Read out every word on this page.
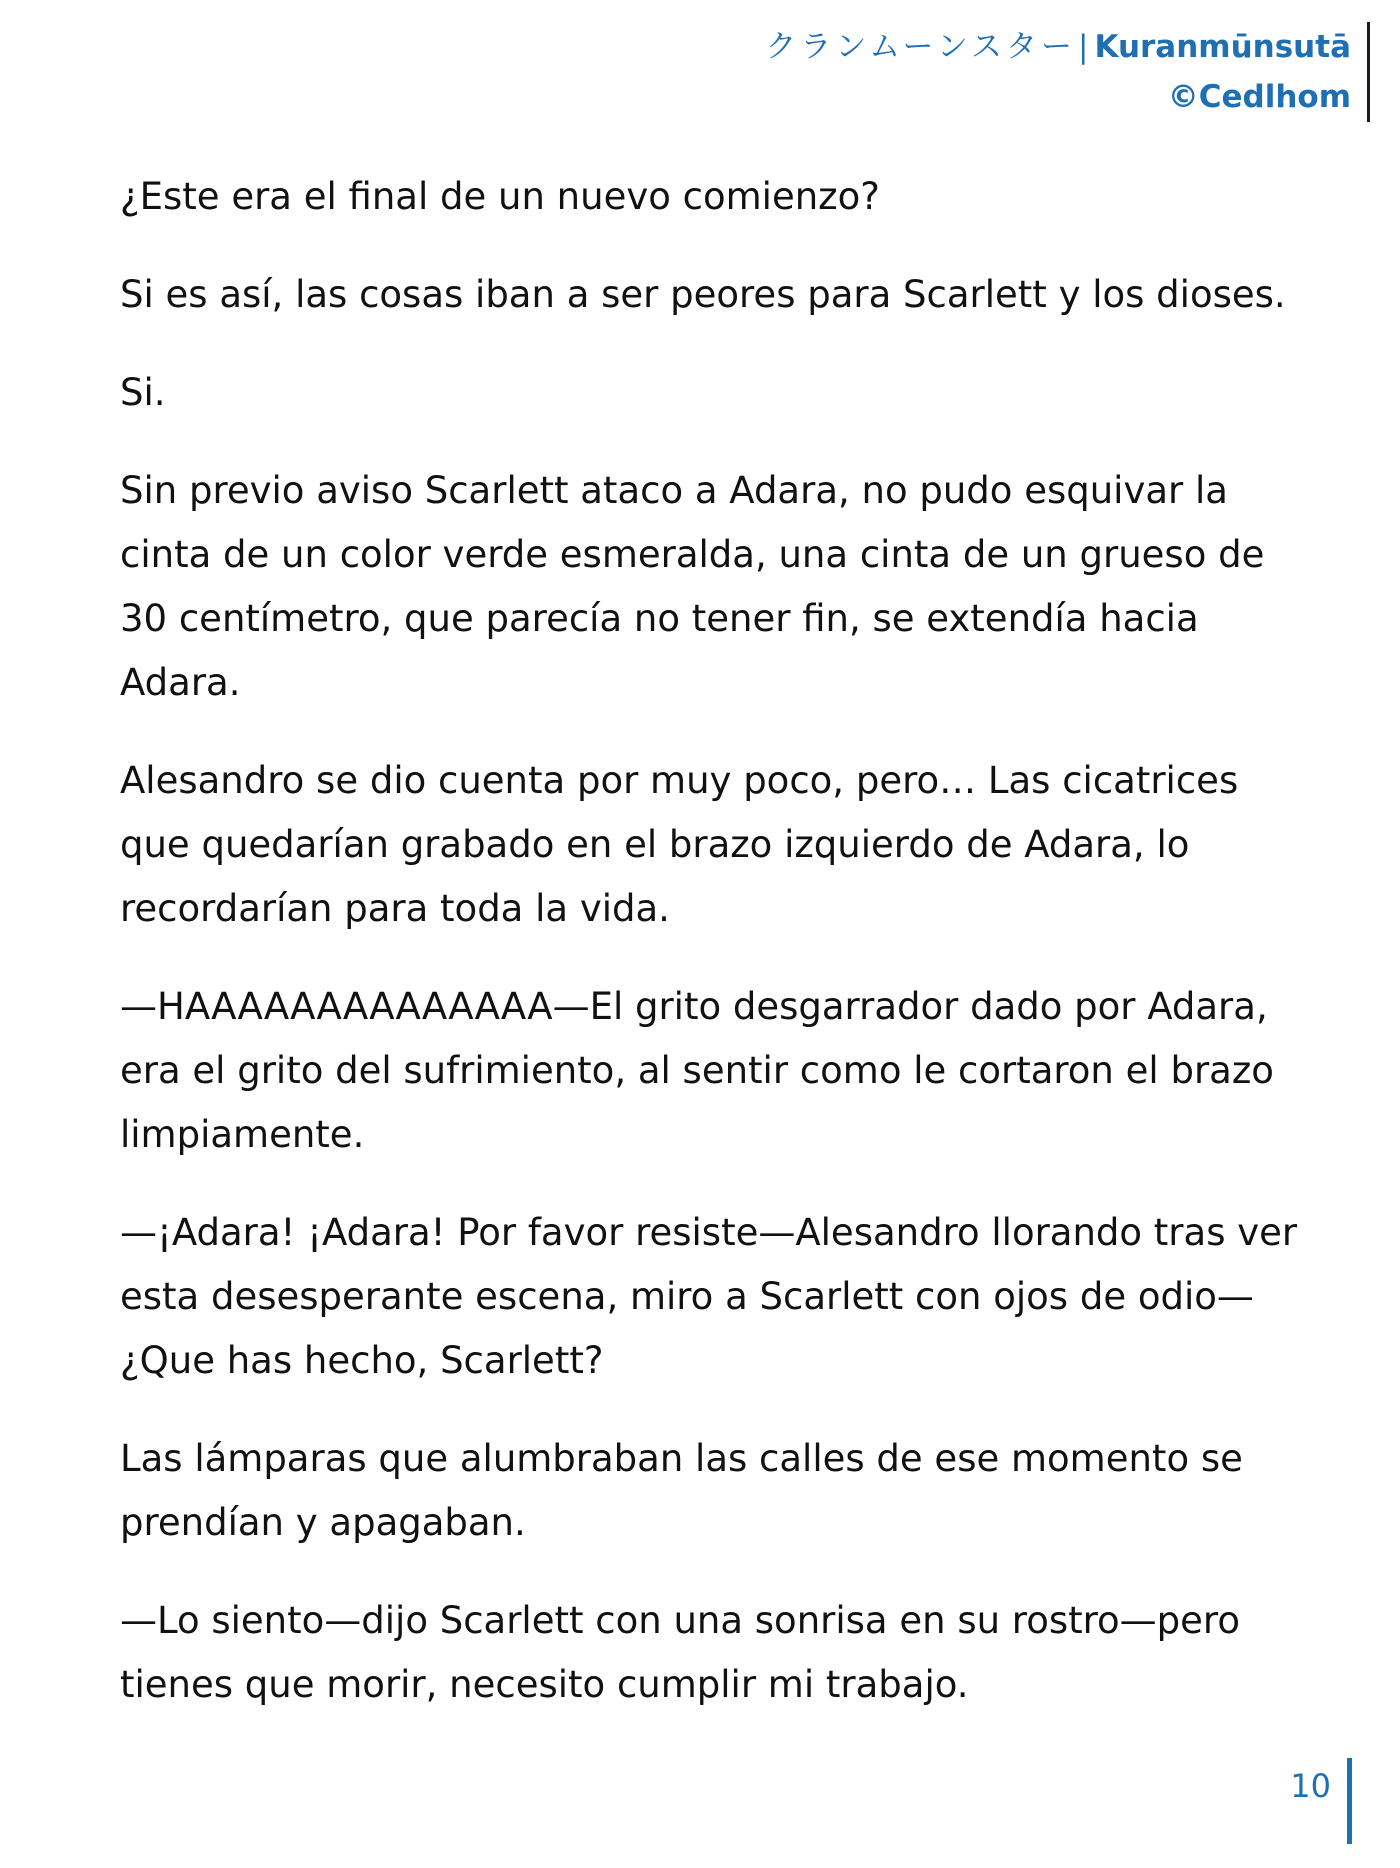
クランムーンスター| Kuranmūnsutā
©Cedlhom

¿Este era el final de un nuevo comienzo?

Si es así, las cosas iban a ser peores para Scarlett y los dioses.

Si.

Sin previo aviso Scarlett ataco a Adara, no pudo esquivar la cinta de un color verde esmeralda, una cinta de un grueso de 30 centímetro, que parecía no tener fin, se extendía hacia Adara.

Alesandro se dio cuenta por muy poco, pero… Las cicatrices que quedarían grabado en el brazo izquierdo de Adara, lo recordarían para toda la vida.

—HAAAAAAAAAAAAAA—El grito desgarrador dado por Adara, era el grito del sufrimiento, al sentir como le cortaron el brazo limpiamente.

—¡Adara! ¡Adara! Por favor resiste—Alesandro llorando tras ver esta desesperante escena, miro a Scarlett con ojos de odio—¿Que has hecho, Scarlett?

Las lámparas que alumbraban las calles de ese momento se prendían y apagaban.

—Lo siento—dijo Scarlett con una sonrisa en su rostro—pero tienes que morir, necesito cumplir mi trabajo.

10
